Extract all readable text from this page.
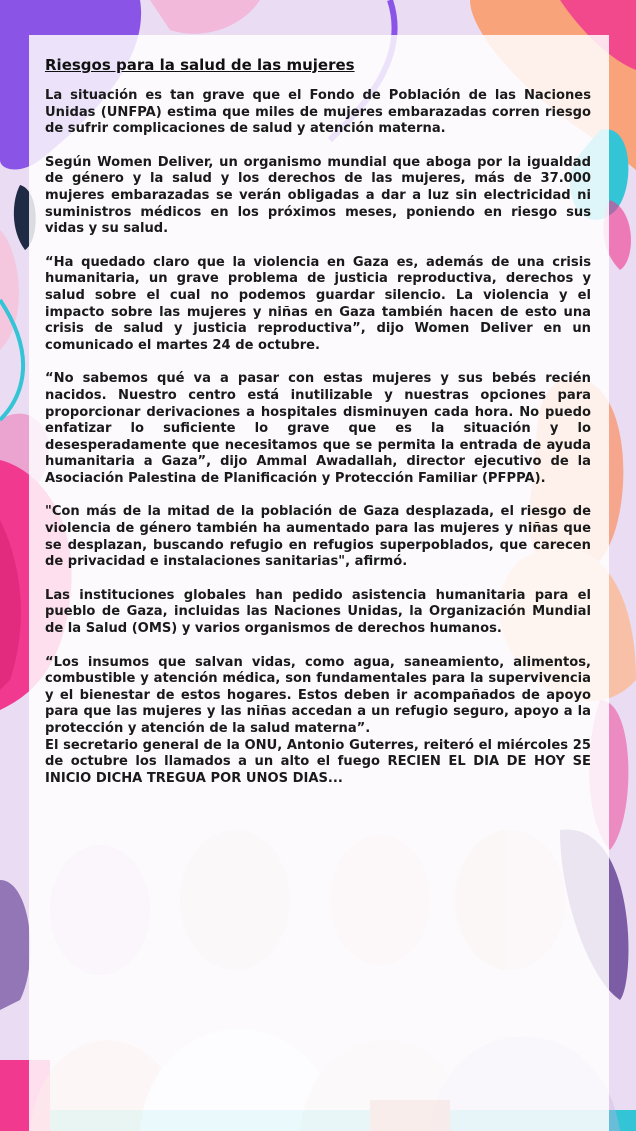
Riesgos para la salud de las mujeres

La situación es tan grave que el Fondo de Población de las Naciones Unidas (UNFPA) estima que miles de mujeres embarazadas corren riesgo de sufrir complicaciones de salud y atención materna.

Según Women Deliver, un organismo mundial que aboga por la igualdad de género y la salud y los derechos de las mujeres, más de 37.000 mujeres embarazadas se verán obligadas a dar a luz sin electricidad ni suministros médicos en los próximos meses, poniendo en riesgo sus vidas y su salud.

“Ha quedado claro que la violencia en Gaza es, además de una crisis humanitaria, un grave problema de justicia reproductiva, derechos y salud sobre el cual no podemos guardar silencio. La violencia y el impacto sobre las mujeres y niñas en Gaza también hacen de esto una crisis de salud y justicia reproductiva”, dijo Women Deliver en un comunicado el martes 24 de octubre.

“No sabemos qué va a pasar con estas mujeres y sus bebés recién nacidos. Nuestro centro está inutilizable y nuestras opciones para proporcionar derivaciones a hospitales disminuyen cada hora. No puedo enfatizar lo suficiente lo grave que es la situación y lo desesperadamente que necesitamos que se permita la entrada de ayuda humanitaria a Gaza”, dijo Ammal Awadallah, director ejecutivo de la Asociación Palestina de Planificación y Protección Familiar (PFPPA).

"Con más de la mitad de la población de Gaza desplazada, el riesgo de violencia de género también ha aumentado para las mujeres y niñas que se desplazan, buscando refugio en refugios superpoblados, que carecen de privacidad e instalaciones sanitarias", afirmó.

Las instituciones globales han pedido asistencia humanitaria para el pueblo de Gaza, incluidas las Naciones Unidas, la Organización Mundial de la Salud (OMS) y varios organismos de derechos humanos.

“Los insumos que salvan vidas, como agua, saneamiento, alimentos, combustible y atención médica, son fundamentales para la supervivencia y el bienestar de estos hogares. Estos deben ir acompañados de apoyo para que las mujeres y las niñas accedan a un refugio seguro, apoyo a la protección y atención de la salud materna”.

El secretario general de la ONU, Antonio Guterres, reiteró el miércoles 25 de octubre los llamados a un alto el fuego RECIEN EL DIA DE HOY SE INICIO DICHA TREGUA POR UNOS DIAS...
